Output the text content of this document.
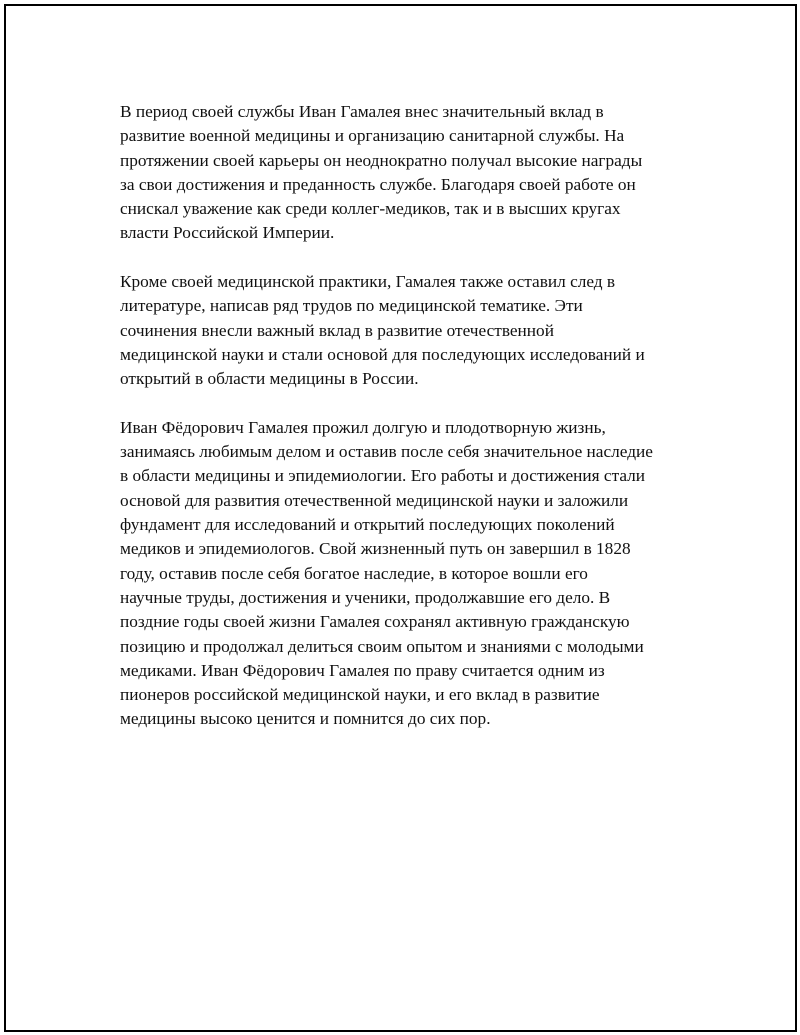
В период своей службы Иван Гамалея внес значительный вклад в
развитие военной медицины и организацию санитарной службы. На
протяжении своей карьеры он неоднократно получал высокие награды
за свои достижения и преданность службе. Благодаря своей работе он
снискал уважение как среди коллег-медиков, так и в высших кругах
власти Российской Империи.

Кроме своей медицинской практики, Гамалея также оставил след в
литературе, написав ряд трудов по медицинской тематике. Эти
сочинения внесли важный вклад в развитие отечественной
медицинской науки и стали основой для последующих исследований и
открытий в области медицины в России.

Иван Фёдорович Гамалея прожил долгую и плодотворную жизнь,
занимаясь любимым делом и оставив после себя значительное наследие
в области медицины и эпидемиологии. Его работы и достижения стали
основой для развития отечественной медицинской науки и заложили
фундамент для исследований и открытий последующих поколений
медиков и эпидемиологов. Свой жизненный путь он завершил в 1828
году, оставив после себя богатое наследие, в которое вошли его
научные труды, достижения и ученики, продолжавшие его дело. В
поздние годы своей жизни Гамалея сохранял активную гражданскую
позицию и продолжал делиться своим опытом и знаниями с молодыми
медиками. Иван Фёдорович Гамалея по праву считается одним из
пионеров российской медицинской науки, и его вклад в развитие
медицины высоко ценится и помнится до сих пор.
